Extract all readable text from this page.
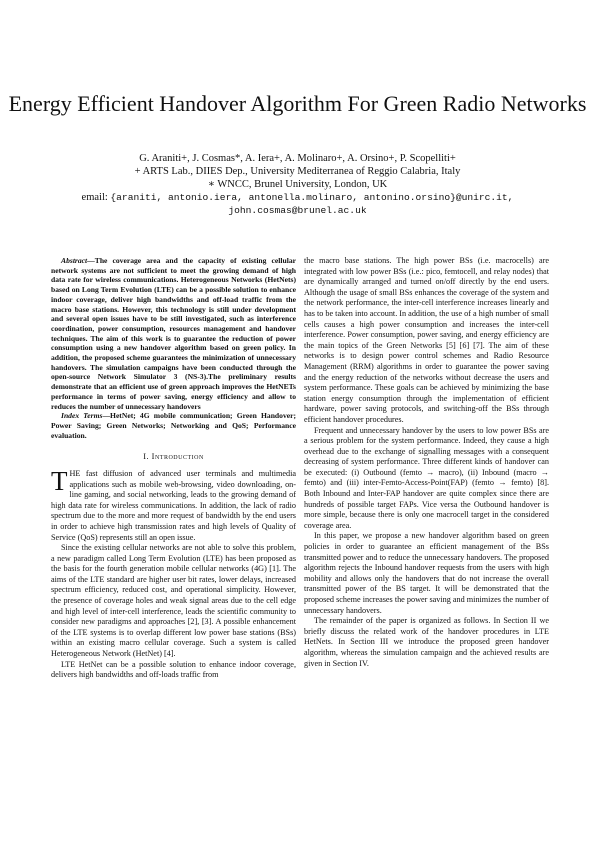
Energy Efficient Handover Algorithm For Green Radio Networks
G. Araniti+, J. Cosmas*, A. Iera+, A. Molinaro+, A. Orsino+, P. Scopelliti+
+ ARTS Lab., DIIES Dep., University Mediterranea of Reggio Calabria, Italy
∗ WNCC, Brunel University, London, UK
email: {araniti, antonio.iera, antonella.molinaro, antonino.orsino}@unirc.it,
john.cosmas@brunel.ac.uk

Abstract—The coverage area and the capacity of existing cellular network systems are not sufficient to meet the growing demand of high data rate for wireless communications. Heterogeneous Networks (HetNets) based on Long Term Evolution (LTE) can be a possible solution to enhance indoor coverage, deliver high bandwidths and off-load traffic from the macro base stations. However, this technology is still under development and several open issues have to be still investigated, such as interference coordination, power consumption, resources management and handover techniques. The aim of this work is to guarantee the reduction of power consumption using a new handover algorithm based on green policy. In addition, the proposed scheme guarantees the minimization of unnecessary handovers. The simulation campaigns have been conducted through the open-source Network Simulator 3 (NS-3).The preliminary results demonstrate that an efficient use of green approach improves the HetNETs performance in terms of power saving, energy efficiency and allow to reduces the number of unnecessary handovers

Index Terms—HetNet; 4G mobile communication; Green Handover; Power Saving; Green Networks; Networking and QoS; Performance evaluation.

I. Introduction

THE fast diffusion of advanced user terminals and multimedia applications such as mobile web-browsing, video downloading, on-line gaming, and social networking, leads to the growing demand of high data rate for wireless communications. In addition, the lack of radio spectrum due to the more and more request of bandwidth by the end users in order to achieve high transmission rates and high levels of Quality of Service (QoS) represents still an open issue.

Since the existing cellular networks are not able to solve this problem, a new paradigm called Long Term Evolution (LTE) has been proposed as the basis for the fourth generation mobile cellular networks (4G) [1]. The aims of the LTE standard are higher user bit rates, lower delays, increased spectrum efficiency, reduced cost, and operational simplicity. However, the presence of coverage holes and weak signal areas due to the cell edge and high level of inter-cell interference, leads the scientific community to consider new paradigms and approaches [2], [3]. A possible enhancement of the LTE systems is to overlap different low power base stations (BSs) within an existing macro cellular coverage. Such a system is called Heterogeneous Network (HetNet) [4].

LTE HetNet can be a possible solution to enhance indoor coverage, delivers high bandwidths and off-loads traffic from

the macro base stations. The high power BSs (i.e. macrocells) are integrated with low power BSs (i.e.: pico, femtocell, and relay nodes) that are dynamically arranged and turned on/off directly by the end users. Although the usage of small BSs enhances the coverage of the system and the network performance, the inter-cell interference increases linearly and has to be taken into account. In addition, the use of a high number of small cells causes a high power consumption and increases the inter-cell interference. Power consumption, power saving, and energy efficiency are the main topics of the Green Networks [5] [6] [7]. The aim of these networks is to design power control schemes and Radio Resource Management (RRM) algorithms in order to guarantee the power saving and the energy reduction of the networks without decrease the users and system performance. These goals can be achieved by minimizing the base station energy consumption through the implementation of efficient hardware, power saving protocols, and switching-off the BSs through efficient handover procedures.

Frequent and unnecessary handover by the users to low power BSs are a serious problem for the system performance. Indeed, they cause a high overhead due to the exchange of signalling messages with a consequent decreasing of system performance. Three different kinds of handover can be executed: (i) Outbound (femto → macro), (ii) Inbound (macro → femto) and (iii) inter-Femto-Access-Point(FAP) (femto → femto) [8]. Both Inbound and Inter-FAP handover are quite complex since there are hundreds of possible target FAPs. Vice versa the Outbound handover is more simple, because there is only one macrocell target in the considered coverage area.

In this paper, we propose a new handover algorithm based on green policies in order to guarantee an efficient management of the BSs transmitted power and to reduce the unnecessary handovers. The proposed algorithm rejects the Inbound handover requests from the users with high mobility and allows only the handovers that do not increase the overall transmitted power of the BS target. It will be demonstrated that the proposed scheme increases the power saving and minimizes the number of unnecessary handovers.

The remainder of the paper is organized as follows. In Section II we briefly discuss the related work of the handover procedures in LTE HetNets. In Section III we introduce the proposed green handover algorithm, whereas the simulation campaign and the achieved results are given in Section IV.
